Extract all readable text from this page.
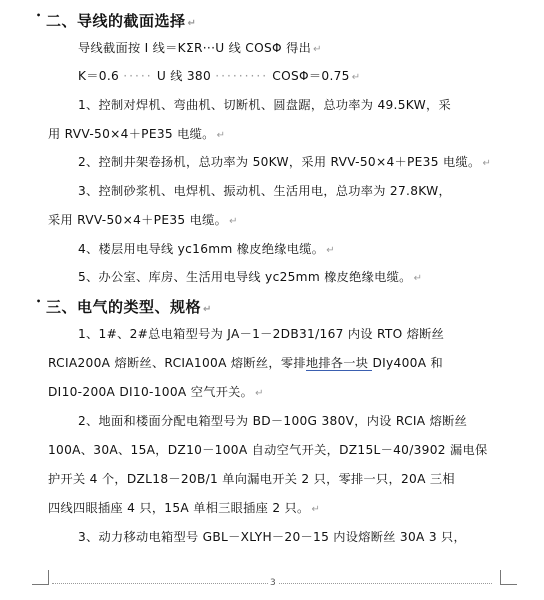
• 二、导线的截面选择 ↵
导线截面按 I 线＝KΣR···U 线 COSΦ 得出 ↵
K＝0.6 ····· U 线 380 ········· COSΦ＝0.75 ↵
1、控制对焊机、弯曲机、切断机、圆盘踞，总功率为 49.5KW，采
用 RVV-50×4＋PE35 电缆。 ↵
2、控制井架卷扬机，总功率为 50KW，采用 RVV-50×4＋PE35 电缆。 ↵
3、控制砂浆机、电焊机、振动机、生活用电，总功率为 27.8KW，
采用 RVV-50×4＋PE35 电缆。 ↵
4、楼层用电导线 yc16mm 橡皮绝缘电缆。 ↵
5、办公室、库房、生活用电导线 yc25mm 橡皮绝缘电缆。 ↵
• 三、电气的类型、规格 ↵
1、1#、2#总电箱型号为 JA－1－2DB31/167 内设 RTO 熔断丝
RCIA200A 熔断丝、RCIA100A 熔断丝，零排地排各一块 DIy400A 和
DI10-200A DI10-100A 空气开关。 ↵
2、地面和楼面分配电箱型号为 BD－100G 380V，内设 RCIA 熔断丝
100A、30A、15A，DZ10－100A 自动空气开关，DZ15L－40/3902 漏电保
护开关 4 个，DZL18－20B/1 单向漏电开关 2 只，零排一只，20A 三相
四线四眼插座 4 只，15A 单相三眼插座 2 只。 ↵
3、动力移动电箱型号 GBL－XLYH－20－15 内设熔断丝 30A 3 只，
3
